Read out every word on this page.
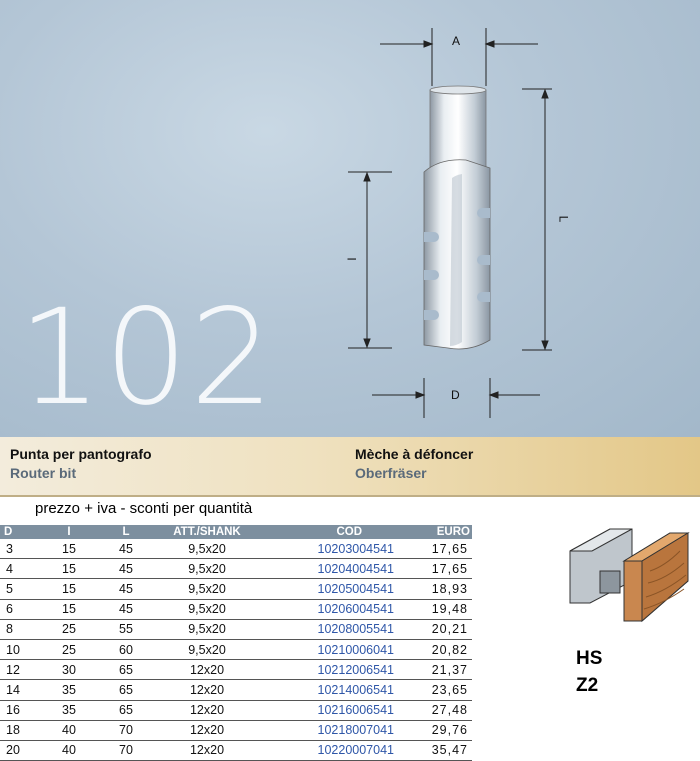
102
A
L
I
D
Punta per pantografo
Router bit
Mèche à défoncer
Oberfräser
prezzo + iva - sconti per quantità
D	I	L	ATT./SHANK	COD	EURO
3	15	45	9,5x20	10203004541	17,65
4	15	45	9,5x20	10204004541	17,65
5	15	45	9,5x20	10205004541	18,93
6	15	45	9,5x20	10206004541	19,48
8	25	55	9,5x20	10208005541	20,21
10	25	60	9,5x20	10210006041	20,82
12	30	65	12x20	10212006541	21,37
14	35	65	12x20	10214006541	23,65
16	35	65	12x20	10216006541	27,48
18	40	70	12x20	10218007041	29,76
20	40	70	12x20	10220007041	35,47
HS
Z2
